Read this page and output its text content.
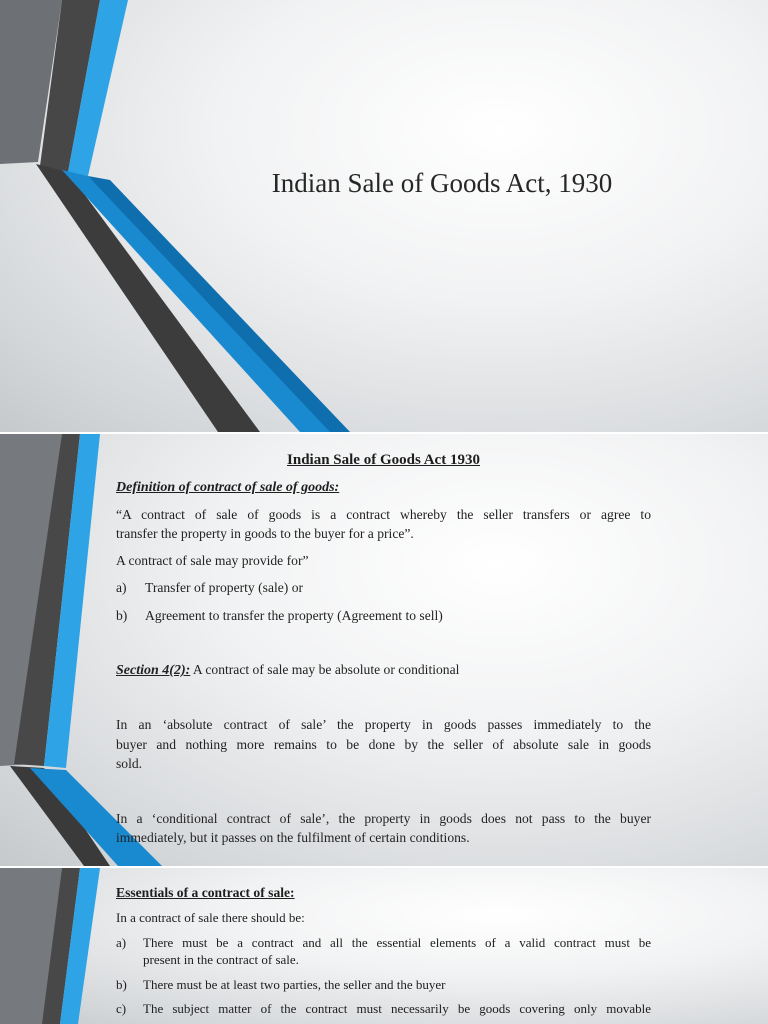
Indian Sale of Goods Act, 1930
Indian Sale of Goods Act 1930
Definition of contract of sale of goods:
“A contract of sale of goods is a contract whereby the seller transfers or agree to
transfer the property in goods to the buyer for a price”.
A contract of sale may provide for”
a) Transfer of property (sale) or
b) Agreement to transfer the property (Agreement to sell)
Section 4(2): A contract of sale may be absolute or conditional
In an ‘absolute contract of sale’ the property in goods passes immediately to the
buyer and nothing more remains to be done by the seller of absolute sale in goods
sold.
In a ‘conditional contract of sale’, the property in goods does not pass to the buyer
immediately, but it passes on the fulfilment of certain conditions.
Essentials of a contract of sale:
In a contract of sale there should be:
a) There must be a contract and all the essential elements of a valid contract must be
present in the contract of sale.
b) There must be at least two parties, the seller and the buyer
c) The subject matter of the contract must necessarily be goods covering only movable
